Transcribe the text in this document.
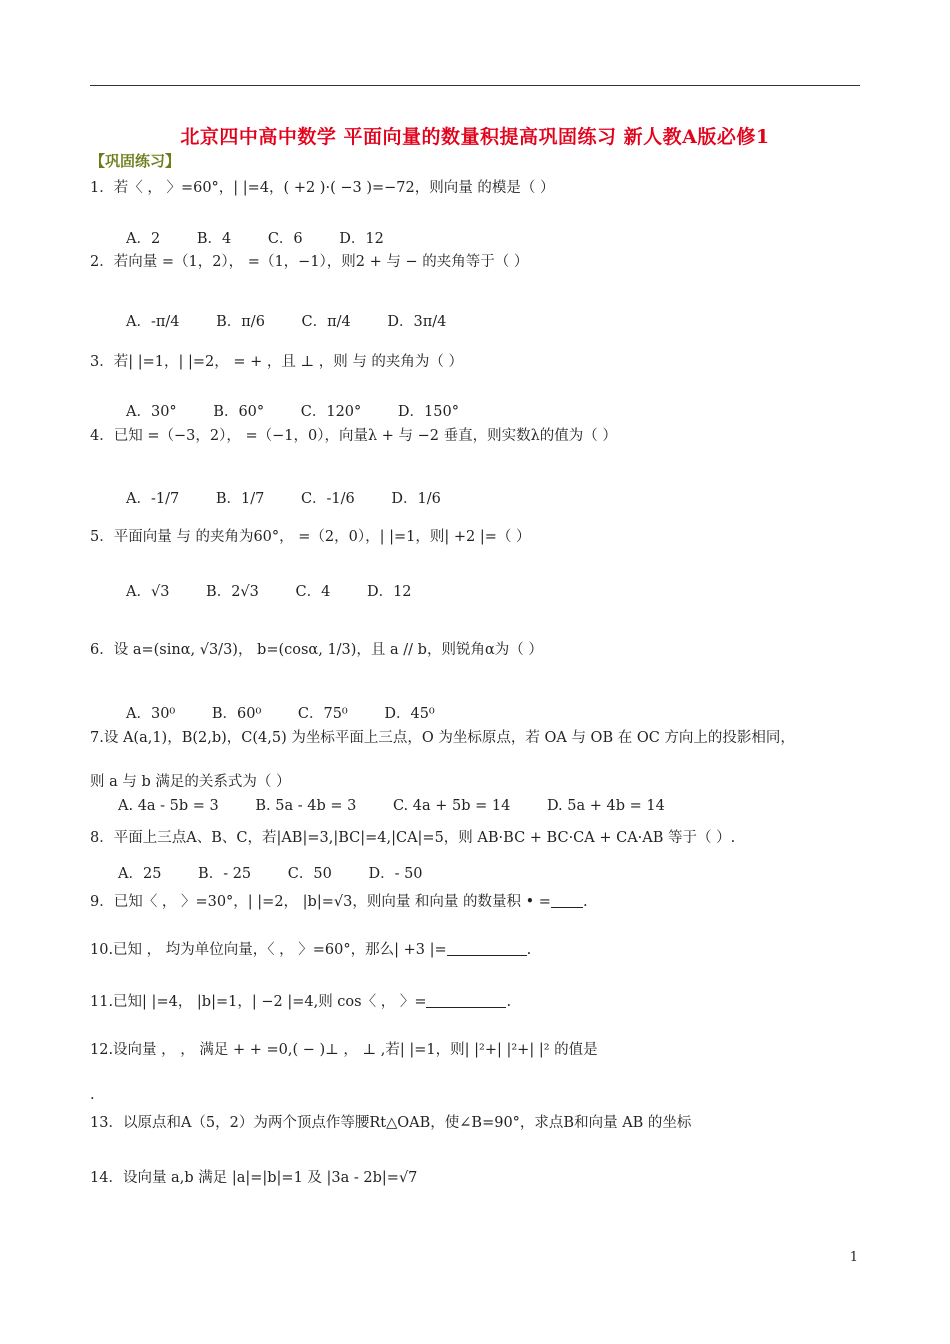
北京四中高中数学 平面向量的数量积提高巩固练习 新人教A版必修1
【巩固练习】
1．若〈 ， 〉=60°，| |=4，( +2 )·( −3 )=−72，则向量 的模是（ ）
A．2	B．4	C．6	D．12
2．若向量 =（1，2）， =（1，−1），则2 + 与 − 的夹角等于（ ）
A．-π/4	B．π/6	C．π/4	D．3π/4
3．若| |=1，| |=2， = + ，且 ⊥ ，则 与 的夹角为（ ）
A．30°	B．60°	C．120°	D．150°
4．已知 =（−3，2）， =（−1，0），向量λ + 与 −2 垂直，则实数λ的值为（ ）
A．-1/7	B．1/7	C．-1/6	D．1/6
5．平面向量 与 的夹角为60°， =（2，0），| |=1，则| +2 |=（ ）
A．√3	B．2√3	C．4	D．12
6．设 a=(sinα, √3/3)， b=(cosα, 1/3)，且 a // b，则锐角α为（ ）
A．30⁰	B．60⁰	C．75⁰	D．45⁰
7.设 A(a,1)，B(2,b)，C(4,5) 为坐标平面上三点，O 为坐标原点，若 OA 与 OB 在 OC 方向上的投影相同，
则 a 与 b 满足的关系式为（ ）
A. 4a - 5b = 3	B. 5a - 4b = 3	C. 4a + 5b = 14	D. 5a + 4b = 14
8．平面上三点A、B、C，若|AB|=3,|BC|=4,|CA|=5，则 AB·BC + BC·CA + CA·AB 等于（ ）.
A．25	B．- 25	C．50	D．- 50
9．已知〈 ， 〉=30°，| |=2， |b|=√3，则向量 和向量 的数量积 • = .
10.已知 ， 均为单位向量，〈 ， 〉=60°，那么| +3 |=	.
11.已知| |=4， |b|=1，| −2 |=4,则 cos〈 ， 〉=	.
12.设向量 ， ， 满足 + + =0,( − )⊥ ， ⊥ ,若| |=1，则| |²+| |²+| |² 的值是
.
13．以原点和A（5，2）为两个顶点作等腰Rt△OAB，使∠B=90°，求点B和向量 AB 的坐标
14．设向量 a,b 满足 |a|=|b|=1 及 |3a - 2b|=√7
1
